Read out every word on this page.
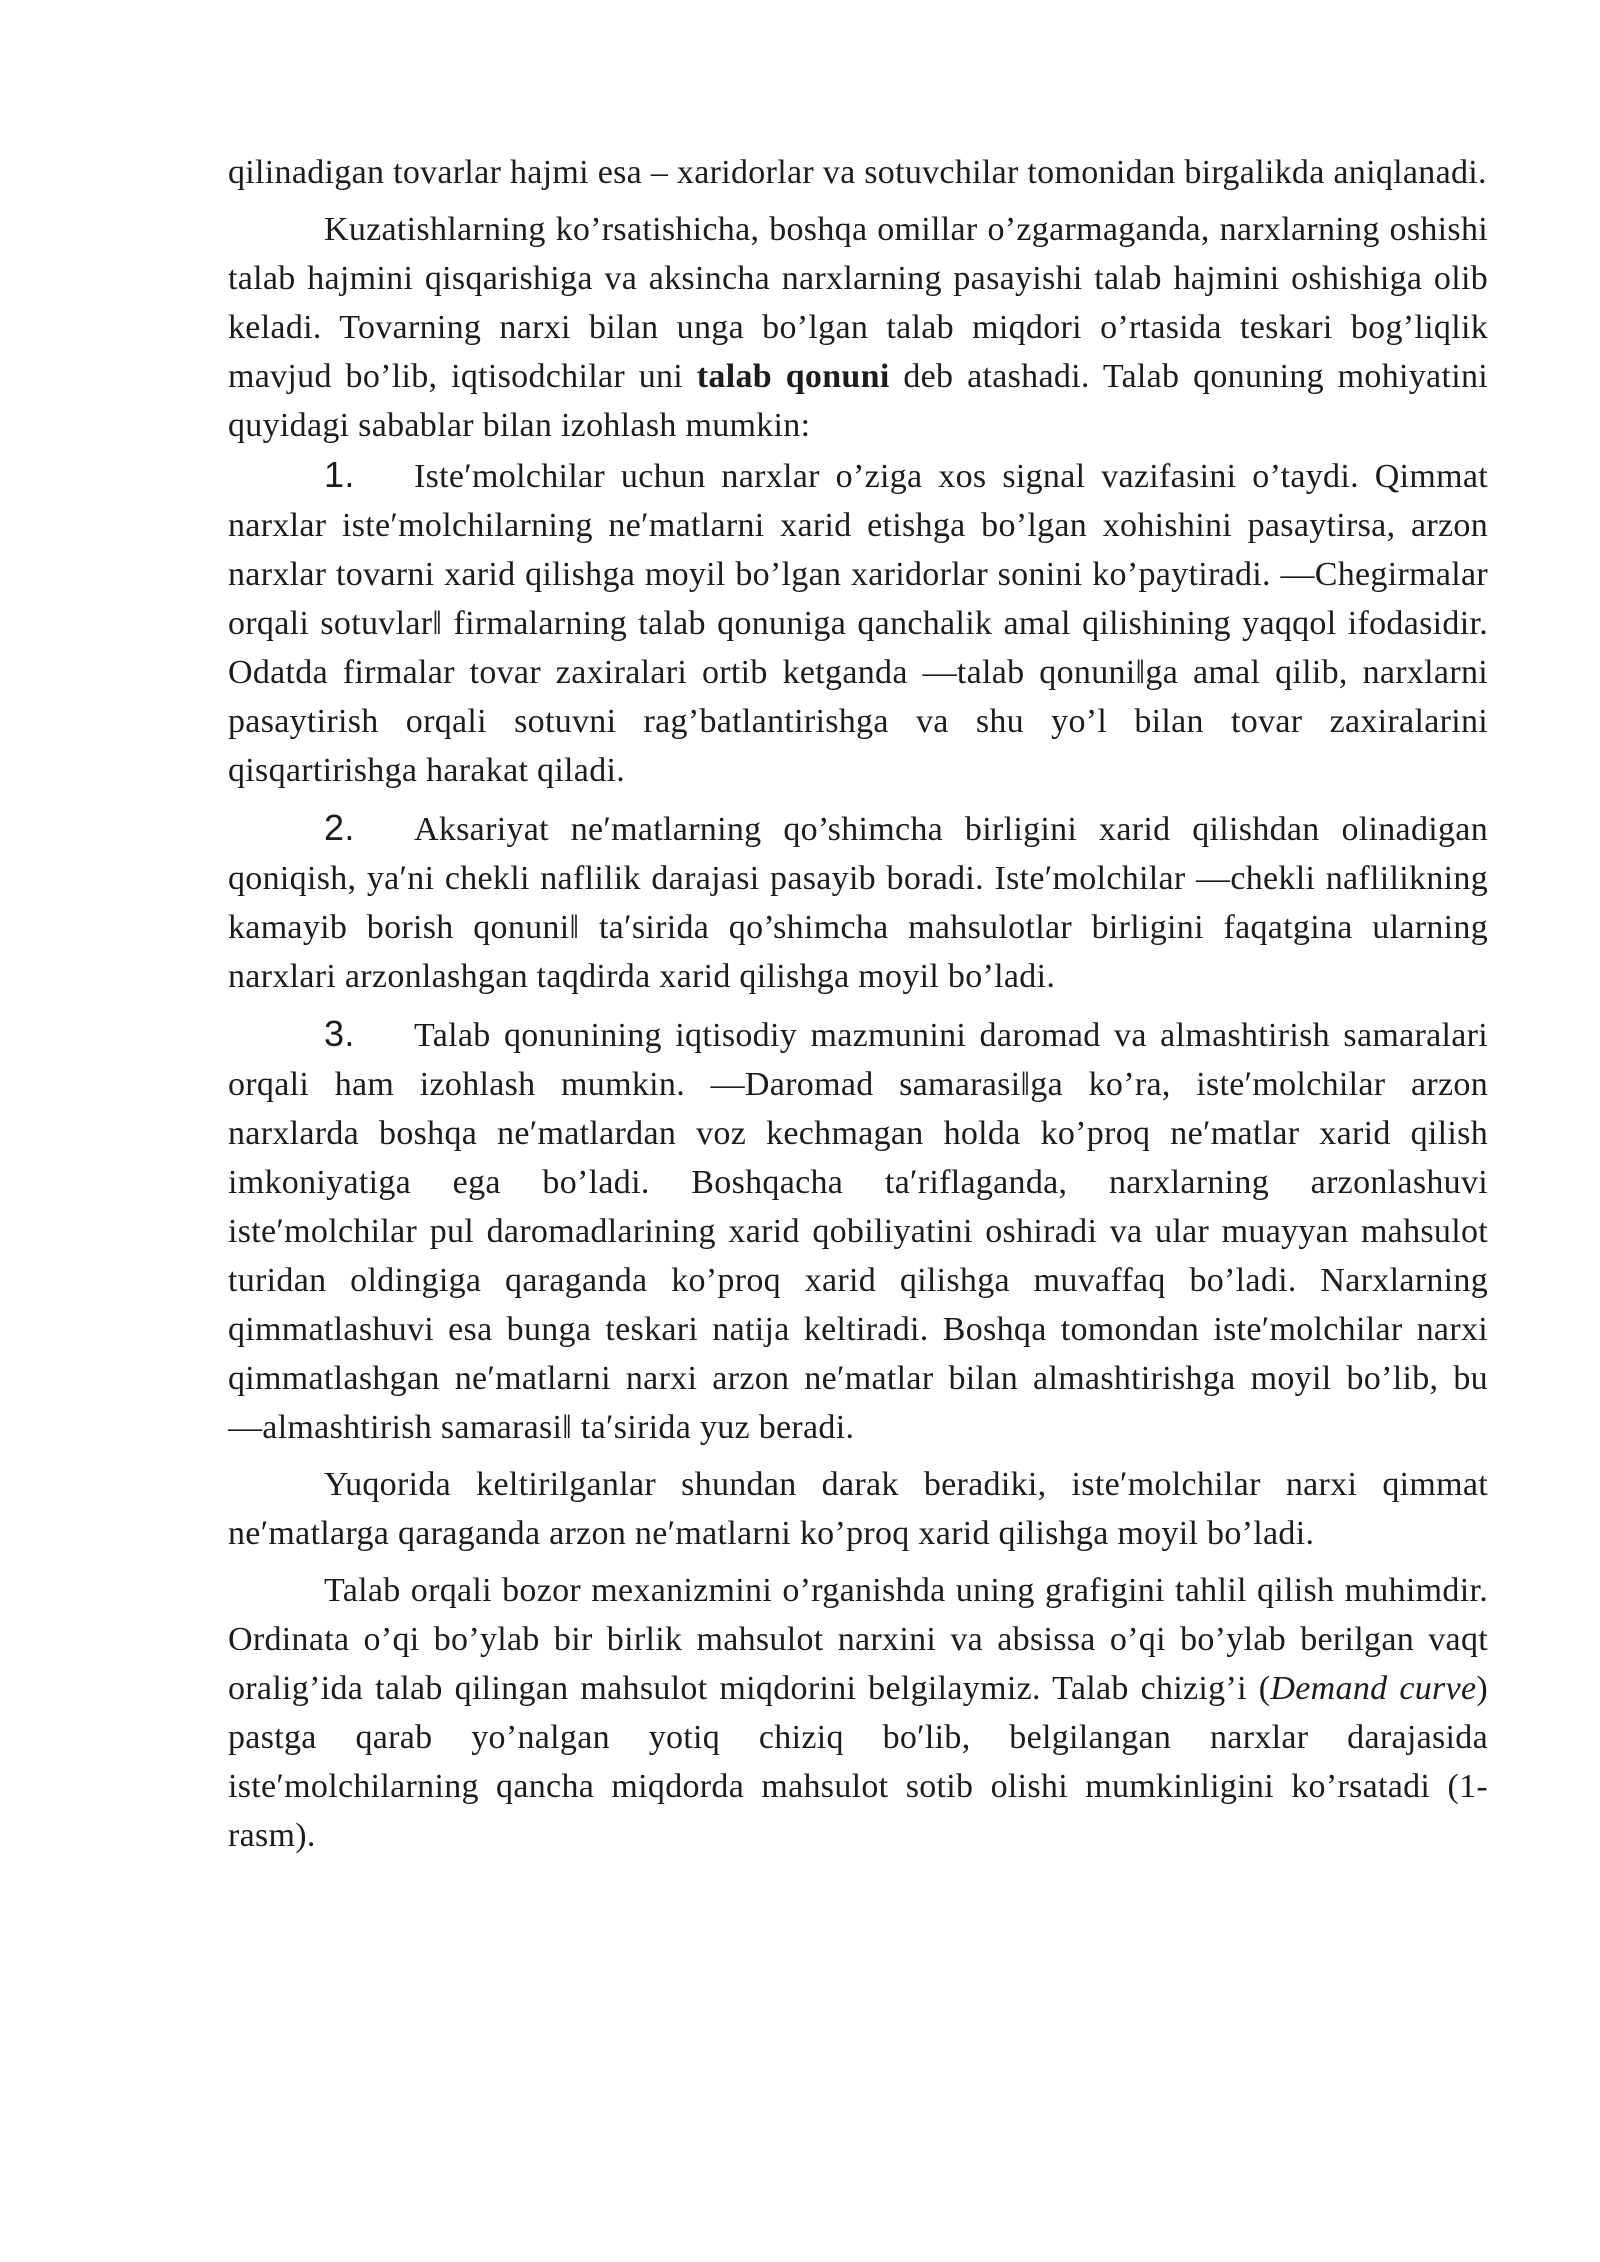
qilinadigan tovarlar hajmi esa – xaridorlar va sotuvchilar tomonidan birgalikda aniqlanadi.

Kuzatishlarning ko’rsatishicha, boshqa omillar o’zgarmaganda, narxlarning oshishi talab hajmini qisqarishiga va aksincha narxlarning pasayishi talab hajmini oshishiga olib keladi. Tovarning narxi bilan unga bo’lgan talab miqdori o’rtasida teskari bog’liqlik mavjud bo’lib, iqtisodchilar uni talab qonuni deb atashadi. Talab qonuning mohiyatini quyidagi sabablar bilan izohlash mumkin:

1. Isteʹmolchilar uchun narxlar o’ziga xos signal vazifasini o’taydi. Qimmat narxlar isteʹmolchilarning neʹmatlarni xarid etishga bo’lgan xohishini pasaytirsa, arzon narxlar tovarni xarid qilishga moyil bo’lgan xaridorlar sonini ko’paytiradi. ―Chegirmalar orqali sotuvlar‖ firmalarning talab qonuniga qanchalik amal qilishining yaqqol ifodasidir. Odatda firmalar tovar zaxiralari ortib ketganda ―talab qonuni‖ga amal qilib, narxlarni pasaytirish orqali sotuvni rag’batlantirishga va shu yo’l bilan tovar zaxiralarini qisqartirishga harakat qiladi.

2. Aksariyat neʹmatlarning qo’shimcha birligini xarid qilishdan olinadigan qoniqish, yaʹni chekli naflilik darajasi pasayib boradi. Isteʹmolchilar ―chekli naflilikning kamayib borish qonuni‖ taʹsirida qo’shimcha mahsulotlar birligini faqatgina ularning narxlari arzonlashgan taqdirda xarid qilishga moyil bo’ladi.

3. Talab qonunining iqtisodiy mazmunini daromad va almashtirish samaralari orqali ham izohlash mumkin. ―Daromad samarasi‖ga ko’ra, isteʹmolchilar arzon narxlarda boshqa neʹmatlardan voz kechmagan holda ko’proq neʹmatlar xarid qilish imkoniyatiga ega bo’ladi. Boshqacha taʹriflaganda, narxlarning arzonlashuvi isteʹmolchilar pul daromadlarining xarid qobiliyatini oshiradi va ular muayyan mahsulot turidan oldingiga qaraganda ko’proq xarid qilishga muvaffaq bo’ladi. Narxlarning qimmatlashuvi esa bunga teskari natija keltiradi. Boshqa tomondan isteʹmolchilar narxi qimmatlashgan neʹmatlarni narxi arzon neʹmatlar bilan almashtirishga moyil bo’lib, bu ―almashtirish samarasi‖ taʹsirida yuz beradi.

Yuqorida keltirilganlar shundan darak beradiki, isteʹmolchilar narxi qimmat neʹmatlarga qaraganda arzon neʹmatlarni ko’proq xarid qilishga moyil bo’ladi.

Talab orqali bozor mexanizmini o’rganishda uning grafigini tahlil qilish muhimdir. Ordinata o’qi bo’ylab bir birlik mahsulot narxini va absissa o’qi bo’ylab berilgan vaqt oralig’ida talab qilingan mahsulot miqdorini belgilaymiz. Talab chizig’i (Demand curve) pastga qarab yo’nalgan yotiq chiziq boʹlib, belgilangan narxlar darajasida isteʹmolchilarning qancha miqdorda mahsulot sotib olishi mumkinligini ko’rsatadi (1-rasm).
